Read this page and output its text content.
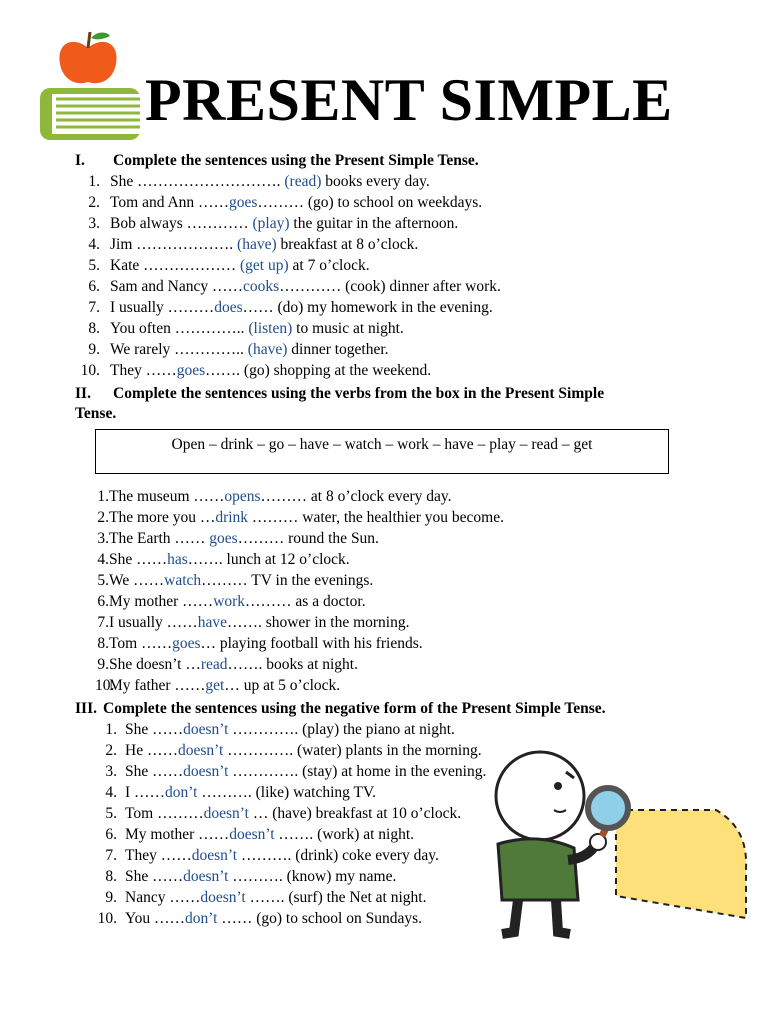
PRESENT SIMPLE
I. Complete the sentences using the Present Simple Tense.
1. She ………………………. (read) books every day.
2. Tom and Ann ……goes……… (go) to school on weekdays.
3. Bob always ………… (play) the guitar in the afternoon.
4. Jim ………………. (have) breakfast at 8 o’clock.
5. Kate ……………… (get up) at 7 o’clock.
6. Sam and Nancy ……cooks………… (cook) dinner after work.
7. I usually ………does…… (do) my homework in the evening.
8. You often ………….. (listen) to music at night.
9. We rarely ………….. (have) dinner together.
10. They ……goes……. (go) shopping at the weekend.
II. Complete the sentences using the verbs from the box in the Present Simple
Tense.
Open – drink – go – have – watch – work – have – play – read – get
1.The museum ……opens……… at 8 o’clock every day.
2.The more you …drink ……… water, the healthier you become.
3.The Earth …… goes……… round the Sun.
4.She ……has……. lunch at 12 o’clock.
5.We ……watch……… TV in the evenings.
6.My mother ……work……… as a doctor.
7.I usually ……have……. shower in the morning.
8.Tom ……goes… playing football with his friends.
9.She doesn’t …read……. books at night.
10.My father ……get… up at 5 o’clock.
III. Complete the sentences using the negative form of the Present Simple Tense.
1. She ……doesn’t …………. (play) the piano at night.
2. He ……doesn’t …………. (water) plants in the morning.
3. She ……doesn’t …………. (stay) at home in the evening.
4. I ……don’t ………. (like) watching TV.
5. Tom ………doesn’t … (have) breakfast at 10 o’clock.
6. My mother ……doesn’t ……. (work) at night.
7. They ……doesn’t ………. (drink) coke every day.
8. She ……doesn’t ………. (know) my name.
9. Nancy ……doesn’t ……. (surf) the Net at night.
10. You ……don’t …… (go) to school on Sundays.
